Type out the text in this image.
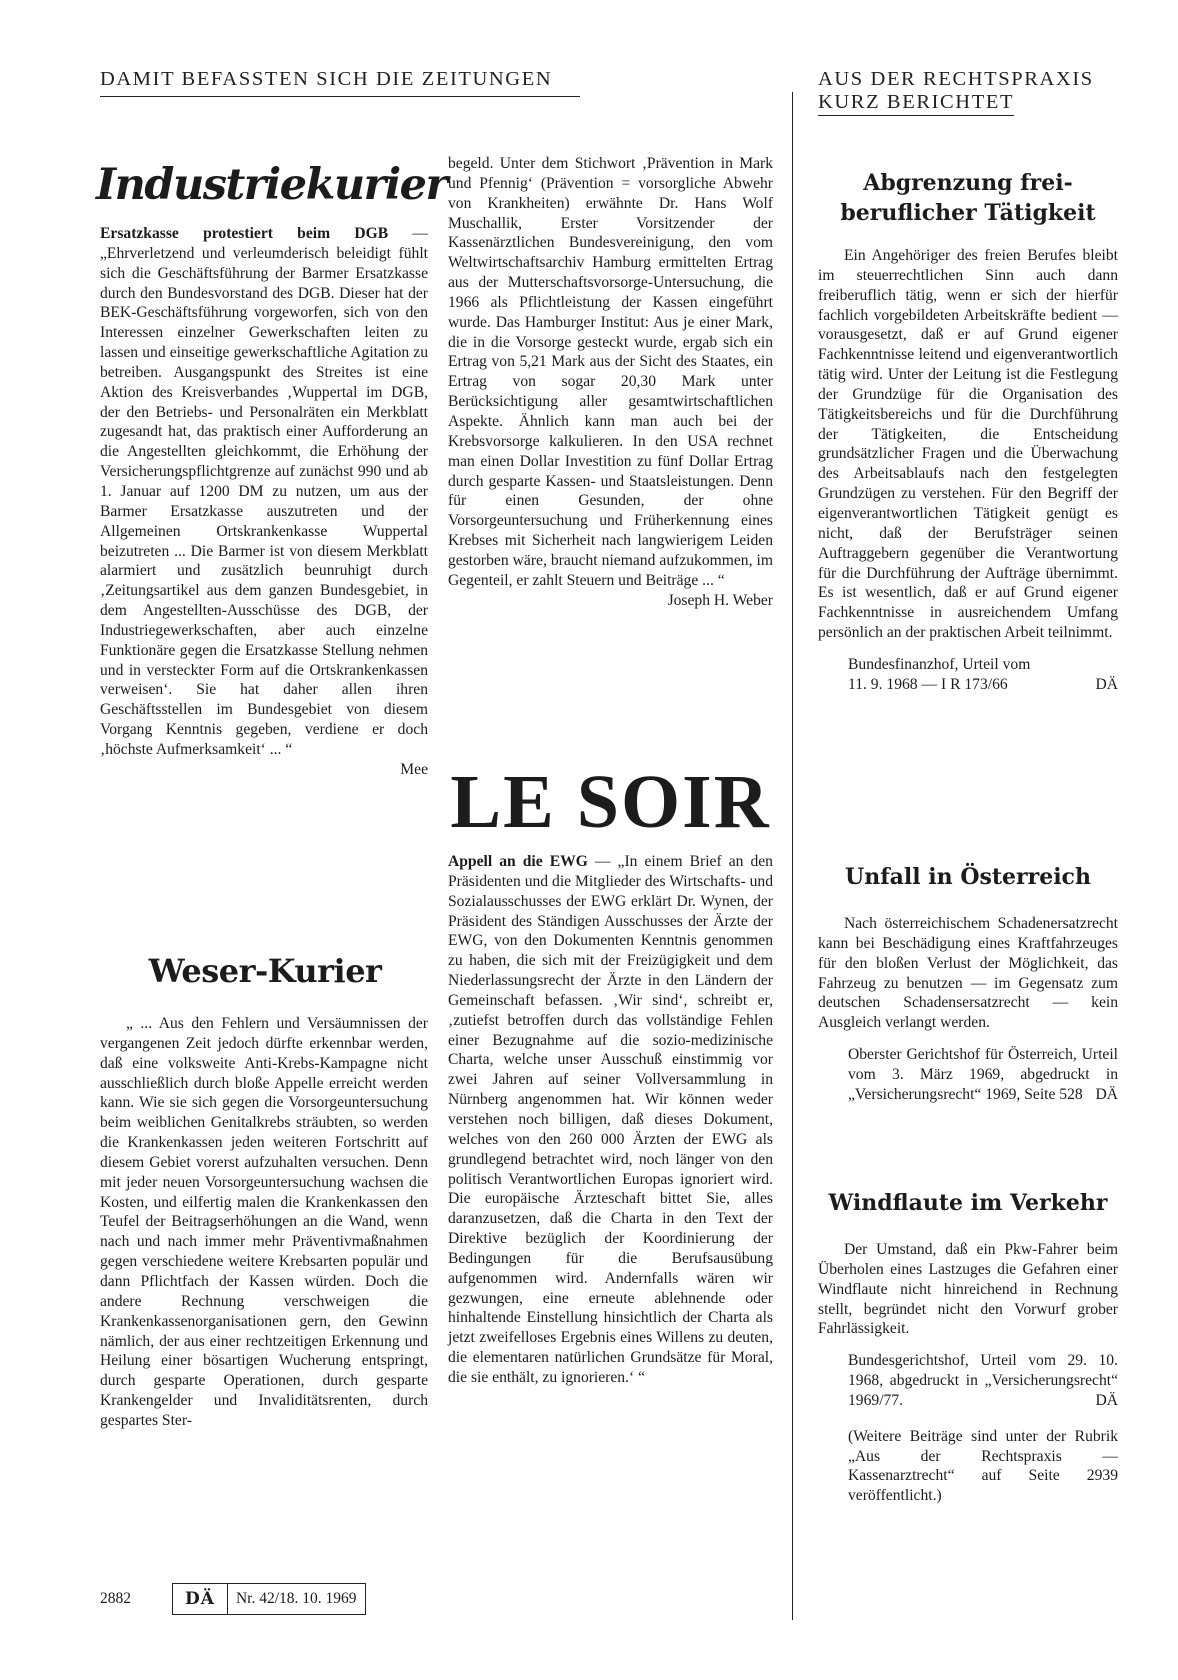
DAMIT BEFASSTEN SICH DIE ZEITUNGEN	AUS DER RECHTSPRAXIS
KURZ BERICHTET
Industriekurier

Ersatzkasse protestiert beim DGB — „Ehrverletzend und verleumderisch beleidigt fühlt sich die Geschäftsführung der Barmer Ersatzkasse durch den Bundesvorstand des DGB. Dieser hat der BEK-Geschäftsführung vorgeworfen, sich von den Interessen einzelner Gewerkschaften leiten zu lassen und einseitige gewerkschaftliche Agitation zu betreiben. Ausgangspunkt des Streites ist eine Aktion des Kreisverbandes ‚Wuppertal im DGB, der den Betriebs- und Personalräten ein Merkblatt zugesandt hat, das praktisch einer Aufforderung an die Angestellten gleichkommt, die Erhöhung der Versicherungspflichtgrenze auf zunächst 990 und ab 1. Januar auf 1200 DM zu nutzen, um aus der Barmer Ersatzkasse auszutreten und der Allgemeinen Ortskrankenkasse Wuppertal beizutreten ... Die Barmer ist von diesem Merkblatt alarmiert und zusätzlich beunruhigt durch ‚Zeitungsartikel aus dem ganzen Bundesgebiet, in dem Angestellten-Ausschüsse des DGB, der Industriegewerkschaften, aber auch einzelne Funktionäre gegen die Ersatzkasse Stellung nehmen und in versteckter Form auf die Ortskrankenkassen verweisen‘. Sie hat daher allen ihren Geschäftsstellen im Bundesgebiet von diesem Vorgang Kenntnis gegeben, verdiene er doch ‚höchste Aufmerksamkeit‘ ... “

Mee

Weser-Kurier

„ ... Aus den Fehlern und Versäumnissen der vergangenen Zeit jedoch dürfte erkennbar werden, daß eine volksweite Anti-Krebs-Kampagne nicht ausschließlich durch bloße Appelle erreicht werden kann. Wie sie sich gegen die Vorsorgeuntersuchung beim weiblichen Genitalkrebs sträubten, so werden die Krankenkassen jeden weiteren Fortschritt auf diesem Gebiet vorerst aufzuhalten versuchen. Denn mit jeder neuen Vorsorgeuntersuchung wachsen die Kosten, und eilfertig malen die Krankenkassen den Teufel der Beitragserhöhungen an die Wand, wenn nach und nach immer mehr Präventivmaßnahmen gegen verschiedene weitere Krebsarten populär und dann Pflichtfach der Kassen würden. Doch die andere Rechnung verschweigen die Krankenkassenorganisationen gern, den Gewinn nämlich, der aus einer rechtzeitigen Erkennung und Heilung einer bösartigen Wucherung entspringt, durch gesparte Operationen, durch gesparte Krankengelder und Invaliditätsrenten, durch gespartes Ster-

begeld. Unter dem Stichwort ‚Prävention in Mark und Pfennig‘ (Prävention = vorsorgliche Abwehr von Krankheiten) erwähnte Dr. Hans Wolf Muschallik, Erster Vorsitzender der Kassenärztlichen Bundesvereinigung, den vom Weltwirtschaftsarchiv Hamburg ermittelten Ertrag aus der Mutterschaftsvorsorge-Untersuchung, die 1966 als Pflichtleistung der Kassen eingeführt wurde. Das Hamburger Institut: Aus je einer Mark, die in die Vorsorge gesteckt wurde, ergab sich ein Ertrag von 5,21 Mark aus der Sicht des Staates, ein Ertrag von sogar 20,30 Mark unter Berücksichtigung aller gesamtwirtschaftlichen Aspekte. Ähnlich kann man auch bei der Krebsvorsorge kalkulieren. In den USA rechnet man einen Dollar Investition zu fünf Dollar Ertrag durch gesparte Kassen- und Staatsleistungen. Denn für einen Gesunden, der ohne Vorsorgeuntersuchung und Früherkennung eines Krebses mit Sicherheit nach langwierigem Leiden gestorben wäre, braucht niemand aufzukommen, im Gegenteil, er zahlt Steuern und Beiträge ... “

Joseph H. Weber

LE SOIR

Appell an die EWG — „In einem Brief an den Präsidenten und die Mitglieder des Wirtschafts- und Sozialausschusses der EWG erklärt Dr. Wynen, der Präsident des Ständigen Ausschusses der Ärzte der EWG, von den Dokumenten Kenntnis genommen zu haben, die sich mit der Freizügigkeit und dem Niederlassungsrecht der Ärzte in den Ländern der Gemeinschaft befassen. ‚Wir sind‘, schreibt er, ‚zutiefst betroffen durch das vollständige Fehlen einer Bezugnahme auf die sozio-medizinische Charta, welche unser Ausschuß einstimmig vor zwei Jahren auf seiner Vollversammlung in Nürnberg angenommen hat. Wir können weder verstehen noch billigen, daß dieses Dokument, welches von den 260 000 Ärzten der EWG als grundlegend betrachtet wird, noch länger von den politisch Verantwortlichen Europas ignoriert wird. Die europäische Ärzteschaft bittet Sie, alles daranzusetzen, daß die Charta in den Text der Direktive bezüglich der Koordinierung der Bedingungen für die Berufsausübung aufgenommen wird. Andernfalls wären wir gezwungen, eine erneute ablehnende oder hinhaltende Einstellung hinsichtlich der Charta als jetzt zweifelloses Ergebnis eines Willens zu deuten, die elementaren natürlichen Grundsätze für Moral, die sie enthält, zu ignorieren.‘ “

Abgrenzung frei-
beruflicher Tätigkeit

Ein Angehöriger des freien Berufes bleibt im steuerrechtlichen Sinn auch dann freiberuflich tätig, wenn er sich der hierfür fachlich vorgebildeten Arbeitskräfte bedient — vorausgesetzt, daß er auf Grund eigener Fachkenntnisse leitend und eigenverantwortlich tätig wird. Unter der Leitung ist die Festlegung der Grundzüge für die Organisation des Tätigkeitsbereichs und für die Durchführung der Tätigkeiten, die Entscheidung grundsätzlicher Fragen und die Überwachung des Arbeitsablaufs nach den festgelegten Grundzügen zu verstehen. Für den Begriff der eigenverantwortlichen Tätigkeit genügt es nicht, daß der Berufsträger seinen Auftraggebern gegenüber die Verantwortung für die Durchführung der Aufträge übernimmt. Es ist wesentlich, daß er auf Grund eigener Fachkenntnisse in ausreichendem Umfang persönlich an der praktischen Arbeit teilnimmt.

Bundesfinanzhof, Urteil vom
11. 9. 1968 — I R 173/66	DÄ
Unfall in Österreich

Nach österreichischem Schadenersatzrecht kann bei Beschädigung eines Kraftfahrzeuges für den bloßen Verlust der Möglichkeit, das Fahrzeug zu benutzen — im Gegensatz zum deutschen Schadensersatzrecht — kein Ausgleich verlangt werden.

Oberster Gerichtshof für Österreich, Urteil vom 3. März 1969, abgedruckt in „Versicherungsrecht“ 1969, Seite 528 DÄ
Windflaute im Verkehr

Der Umstand, daß ein Pkw-Fahrer beim Überholen eines Lastzuges die Gefahren einer Windflaute nicht hinreichend in Rechnung stellt, begründet nicht den Vorwurf grober Fahrlässigkeit.

Bundesgerichtshof, Urteil vom 29. 10. 1968, abgedruckt in „Versicherungsrecht“ 1969/77.	DÄ

(Weitere Beiträge sind unter der Rubrik „Aus der Rechtspraxis — Kassenarztrecht“ auf Seite 2939 veröffentlicht.)

2882	DÄ	Nr. 42/18. 10. 1969
